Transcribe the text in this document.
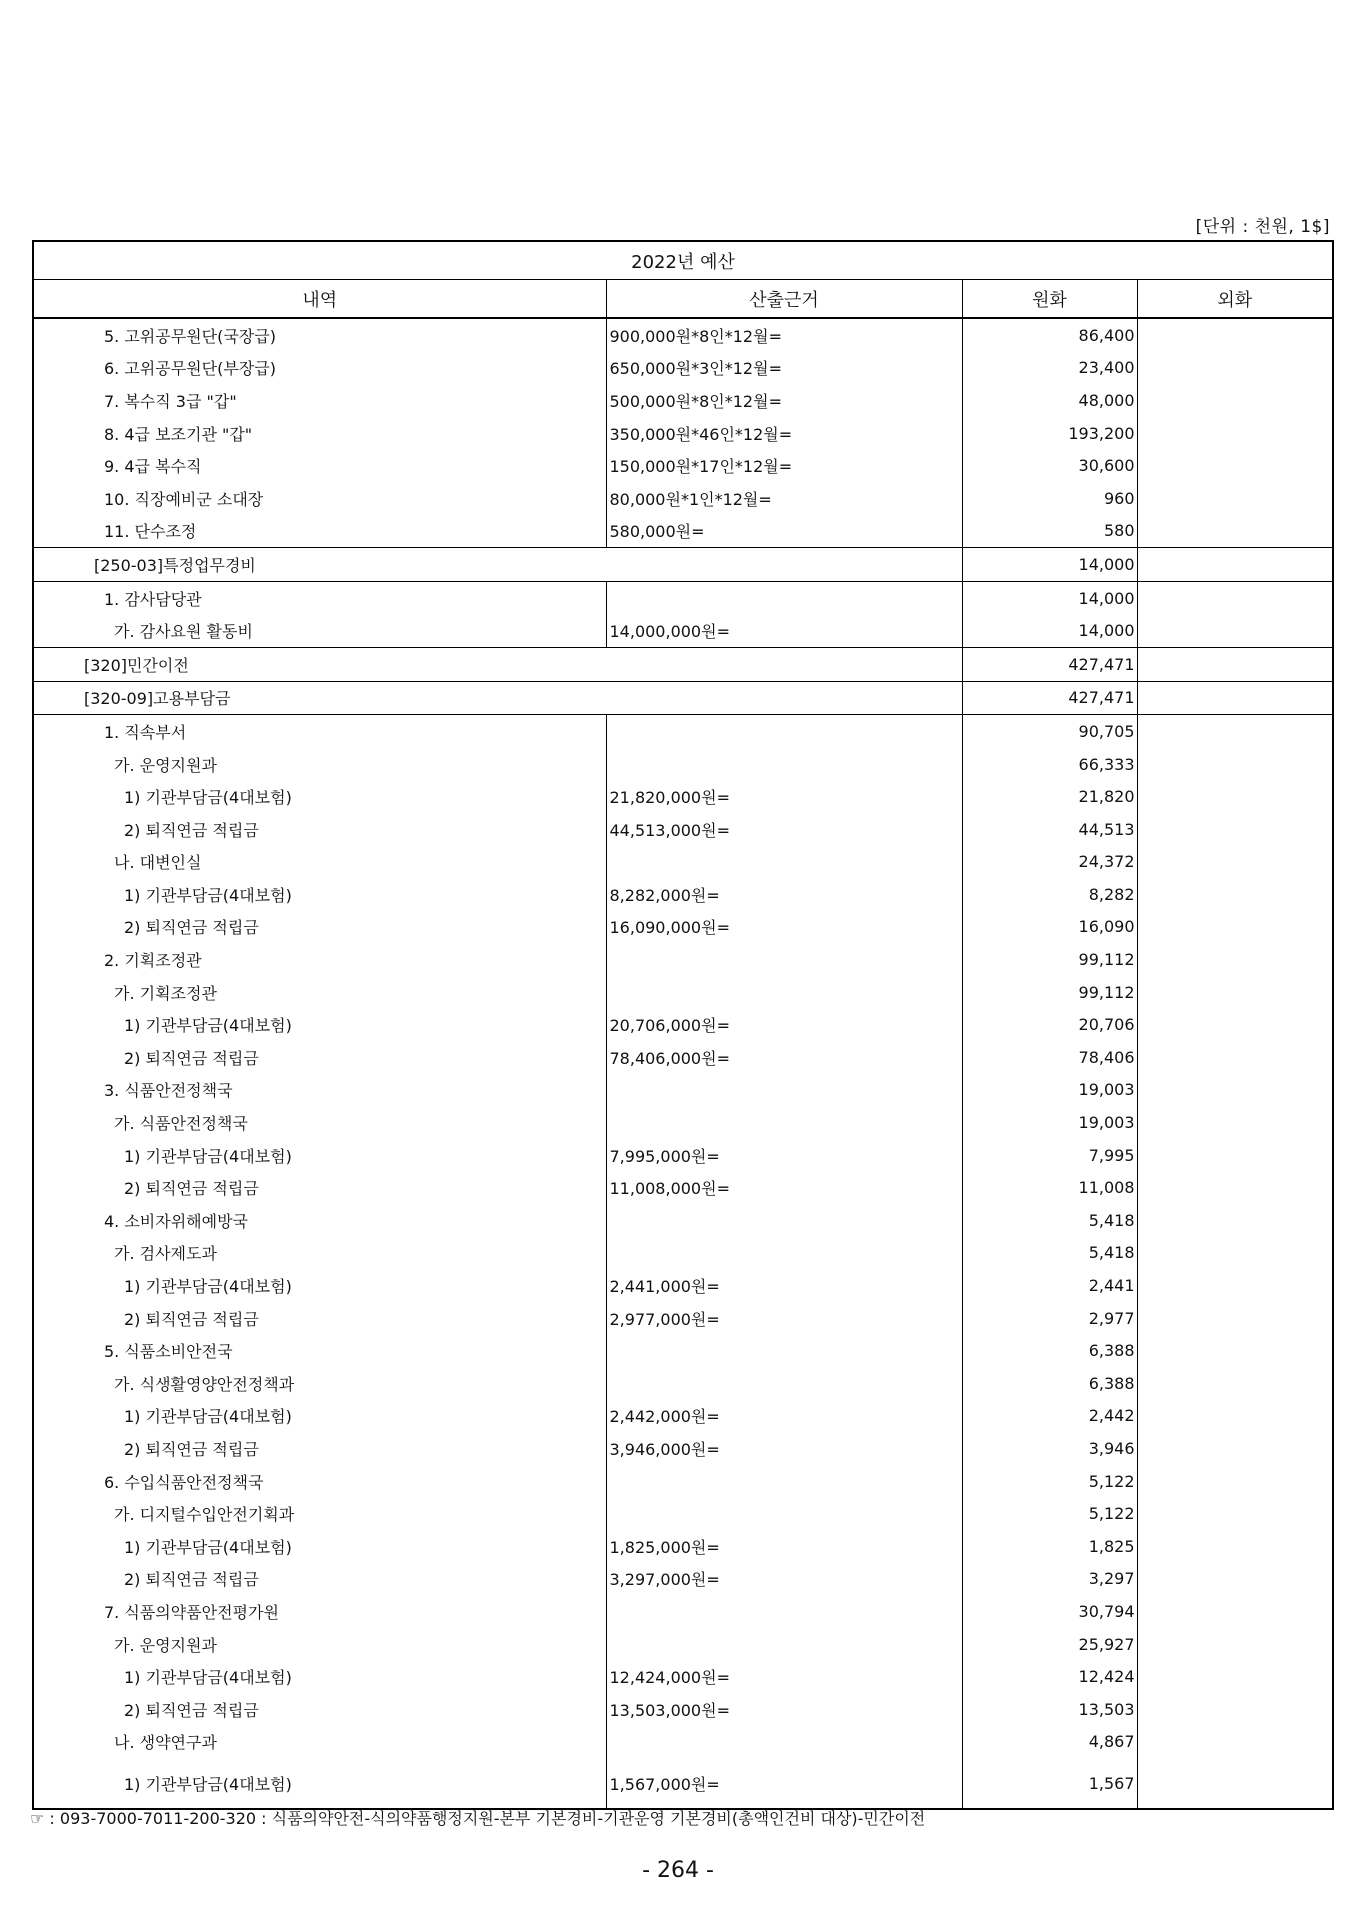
[단위 : 천원, 1$]
2022년 예산			
내역	산출근거	원화	외화
5. 고위공무원단(국장급)	900,000원*8인*12월=	86,400	
6. 고위공무원단(부장급)	650,000원*3인*12월=	23,400	
7. 복수직 3급 "갑"	500,000원*8인*12월=	48,000	
8. 4급 보조기관 "갑"	350,000원*46인*12월=	193,200	
9. 4급 복수직	150,000원*17인*12월=	30,600	
10. 직장예비군 소대장	80,000원*1인*12월=	960	
11. 단수조정	580,000원=	580	
[250-03]특정업무경비		14,000	
1. 감사담당관		14,000	
가. 감사요원 활동비	14,000,000원=	14,000	
[320]민간이전		427,471	
[320-09]고용부담금		427,471	
1. 직속부서		90,705	
가. 운영지원과		66,333	
1) 기관부담금(4대보험)	21,820,000원=	21,820	
2) 퇴직연금 적립금	44,513,000원=	44,513	
나. 대변인실		24,372	
1) 기관부담금(4대보험)	8,282,000원=	8,282	
2) 퇴직연금 적립금	16,090,000원=	16,090	
2. 기획조정관		99,112	
가. 기획조정관		99,112	
1) 기관부담금(4대보험)	20,706,000원=	20,706	
2) 퇴직연금 적립금	78,406,000원=	78,406	
3. 식품안전정책국		19,003	
가. 식품안전정책국		19,003	
1) 기관부담금(4대보험)	7,995,000원=	7,995	
2) 퇴직연금 적립금	11,008,000원=	11,008	
4. 소비자위해예방국		5,418	
가. 검사제도과		5,418	
1) 기관부담금(4대보험)	2,441,000원=	2,441	
2) 퇴직연금 적립금	2,977,000원=	2,977	
5. 식품소비안전국		6,388	
가. 식생활영양안전정책과		6,388	
1) 기관부담금(4대보험)	2,442,000원=	2,442	
2) 퇴직연금 적립금	3,946,000원=	3,946	
6. 수입식품안전정책국		5,122	
가. 디지털수입안전기획과		5,122	
1) 기관부담금(4대보험)	1,825,000원=	1,825	
2) 퇴직연금 적립금	3,297,000원=	3,297	
7. 식품의약품안전평가원		30,794	
가. 운영지원과		25,927	
1) 기관부담금(4대보험)	12,424,000원=	12,424	
2) 퇴직연금 적립금	13,503,000원=	13,503	
나. 생약연구과		4,867	
1) 기관부담금(4대보험)	1,567,000원=	1,567	
☞ : 093-7000-7011-200-320 : 식품의약안전-식의약품행정지원-본부 기본경비-기관운영 기본경비(총액인건비 대상)-민간이전
- 264 -
